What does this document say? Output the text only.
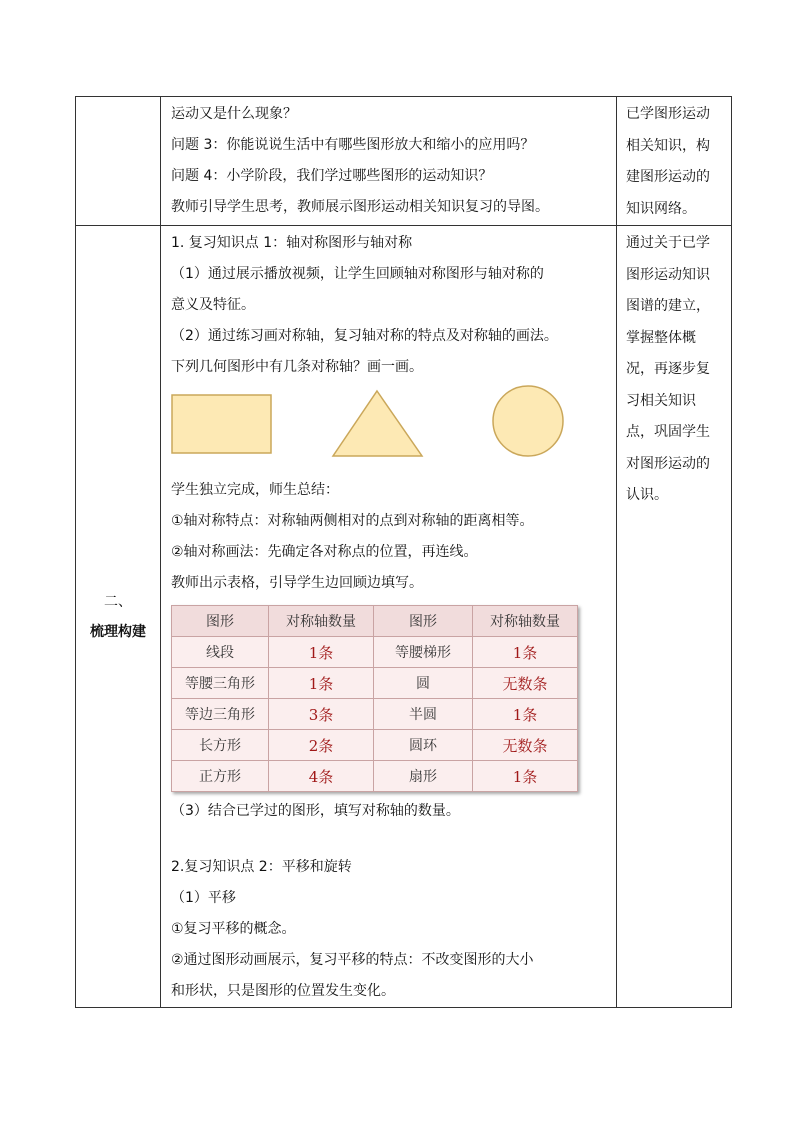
运动又是什么现象？
问题 3：你能说说生活中有哪些图形放大和缩小的应用吗？
问题 4：小学阶段，我们学过哪些图形的运动知识？
教师引导学生思考，教师展示图形运动相关知识复习的导图。

已学图形运动
相关知识，构
建图形运动的
知识网络。

二、
梳理构建

1. 复习知识点 1：轴对称图形与轴对称
（1）通过展示播放视频，让学生回顾轴对称图形与轴对称的
意义及特征。
（2）通过练习画对称轴，复习轴对称的特点及对称轴的画法。
下列几何图形中有几条对称轴？画一画。
学生独立完成，师生总结：
①轴对称特点：对称轴两侧相对的点到对称轴的距离相等。
②轴对称画法：先确定各对称点的位置，再连线。
教师出示表格，引导学生边回顾边填写。
图形	对称轴数量	图形	对称轴数量
线段	1条	等腰梯形	1条
等腰三角形	1条	圆	无数条
等边三角形	3条	半圆	1条
长方形	2条	圆环	无数条
正方形	4条	扇形	1条
（3）结合已学过的图形，填写对称轴的数量。
2.复习知识点 2：平移和旋转
（1）平移
①复习平移的概念。
②通过图形动画展示，复习平移的特点：不改变图形的大小
和形状，只是图形的位置发生变化。

通过关于已学
图形运动知识
图谱的建立，
掌握整体概
况，再逐步复
习相关知识
点，巩固学生
对图形运动的
认识。
